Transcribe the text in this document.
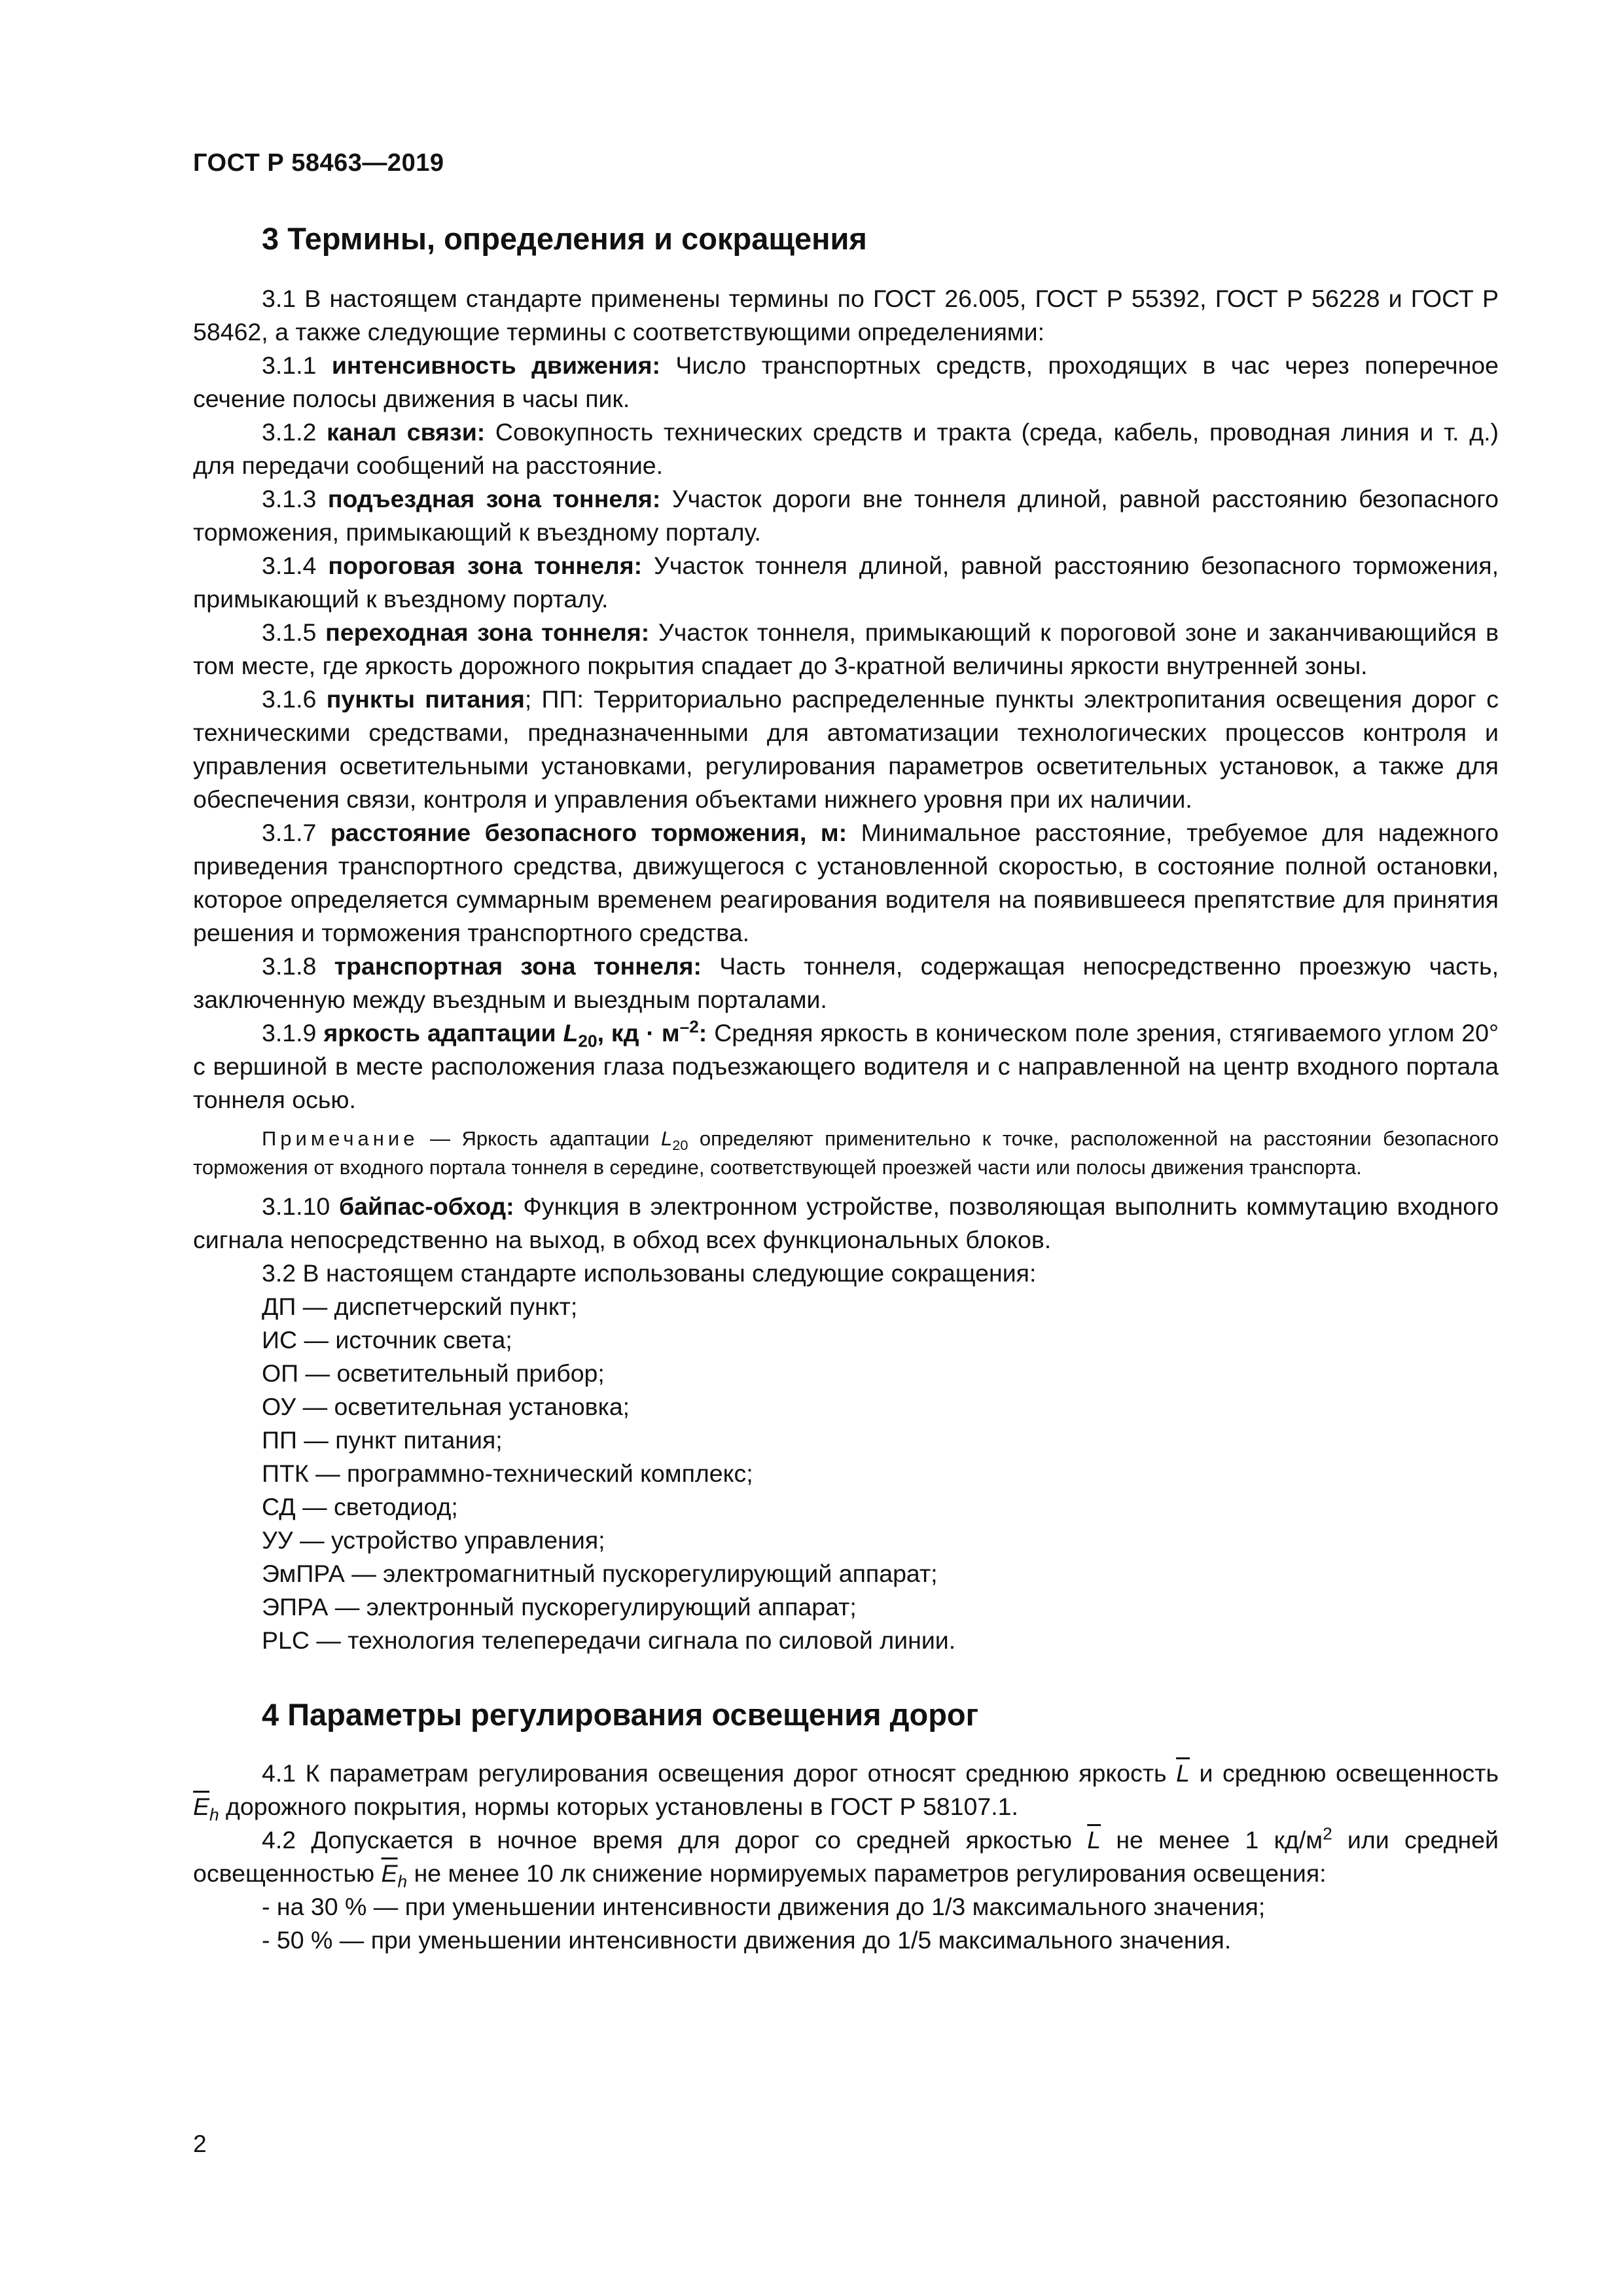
ГОСТ Р 58463—2019
3 Термины, определения и сокращения

3.1 В настоящем стандарте применены термины по ГОСТ 26.005, ГОСТ Р 55392, ГОСТ Р 56228 и ГОСТ Р 58462, а также следующие термины с соответствующими определениями:

3.1.1 интенсивность движения: Число транспортных средств, проходящих в час через поперечное сечение полосы движения в часы пик.

3.1.2 канал связи: Совокупность технических средств и тракта (среда, кабель, проводная линия и т. д.) для передачи сообщений на расстояние.

3.1.3 подъездная зона тоннеля: Участок дороги вне тоннеля длиной, равной расстоянию безопасного торможения, примыкающий к въездному порталу.

3.1.4 пороговая зона тоннеля: Участок тоннеля длиной, равной расстоянию безопасного торможения, примыкающий к въездному порталу.

3.1.5 переходная зона тоннеля: Участок тоннеля, примыкающий к пороговой зоне и заканчивающийся в том месте, где яркость дорожного покрытия спадает до 3-кратной величины яркости внутренней зоны.

3.1.6 пункты питания; ПП: Территориально распределенные пункты электропитания освещения дорог с техническими средствами, предназначенными для автоматизации технологических процессов контроля и управления осветительными установками, регулирования параметров осветительных установок, а также для обеспечения связи, контроля и управления объектами нижнего уровня при их наличии.

3.1.7 расстояние безопасного торможения, м: Минимальное расстояние, требуемое для надежного приведения транспортного средства, движущегося с установленной скоростью, в состояние полной остановки, которое определяется суммарным временем реагирования водителя на появившееся препятствие для принятия решения и торможения транспортного средства.

3.1.8 транспортная зона тоннеля: Часть тоннеля, содержащая непосредственно проезжую часть, заключенную между въездным и выездным порталами.

3.1.9 яркость адаптации $L_{20}$, кд · $м^{-2}$: Средняя яркость в коническом поле зрения, стягиваемого углом 20° с вершиной в месте расположения глаза подъезжающего водителя и с направленной на центр входного портала тоннеля осью.

Примечание — Яркость адаптации $L_{20}$ определяют применительно к точке, расположенной на расстоянии безопасного торможения от входного портала тоннеля в середине, соответствующей проезжей части или полосы движения транспорта.

3.1.10 байпас-обход: Функция в электронном устройстве, позволяющая выполнить коммутацию входного сигнала непосредственно на выход, в обход всех функциональных блоков.

3.2 В настоящем стандарте использованы следующие сокращения:

ДП — диспетчерский пункт;

ИС — источник света;

ОП — осветительный прибор;

ОУ — осветительная установка;

ПП — пункт питания;

ПТК — программно-технический комплекс;

СД — светодиод;

УУ — устройство управления;

ЭмПРА — электромагнитный пускорегулирующий аппарат;

ЭПРА — электронный пускорегулирующий аппарат;

PLC — технология телепередачи сигнала по силовой линии.

4 Параметры регулирования освещения дорог

4.1 К параметрам регулирования освещения дорог относят среднюю яркость $\overline{L}$ и среднюю освещенность $\overline{E}_h$ дорожного покрытия, нормы которых установлены в ГОСТ Р 58107.1.

4.2 Допускается в ночное время для дорог со средней яркостью $\overline{L}$ не менее 1 $кд/м^2$ или средней освещенностью $\overline{E}_h$ не менее 10 лк снижение нормируемых параметров регулирования освещения:

- на 30 % — при уменьшении интенсивности движения до 1/3 максимального значения;

- 50 % — при уменьшении интенсивности движения до 1/5 максимального значения.

2
